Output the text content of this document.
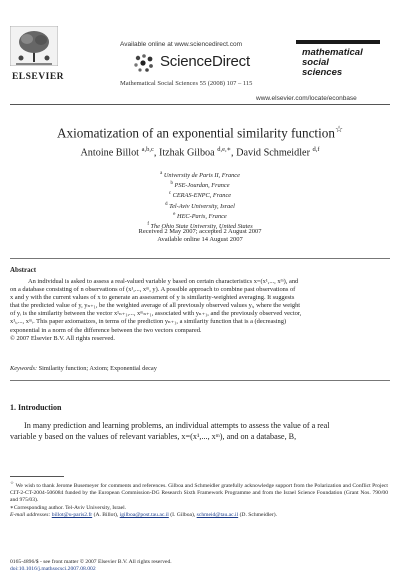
ELSEVIER
Available online at www.sciencedirect.com
ScienceDirect
Mathematical Social Sciences 55 (2008) 107 – 115
mathematical
social
sciences
www.elsevier.com/locate/econbase
Axiomatization of an exponential similarity function☆
Antoine Billot $^{a,b,c}$, Itzhak Gilboa $^{d,e,∗}$, David Schmeidler $^{d,f}$
$^a$ University de Paris II, France
$^b$ PSE-Jourdan, France
$^c$ CERAS-ENPC, France
$^d$ Tel-Aviv University, Israel
$^e$ HEC-Paris, France
$^f$ The Ohio State University, United States
Received 2 May 2007; accepted 2 August 2007
Available online 14 August 2007
Abstract
An individual is asked to assess a real-valued variable y based on certain characteristics x=(x¹,..., xᵐ), and
on a database consisting of n observations of (x¹,..., xᵐ, y). A possible approach to combine past observations of
x and y with the current values of x to generate an assessment of y is similarity-weighted averaging. It suggests
that the predicted value of y, yₙ₊₁, be the weighted average of all previously observed values yᵢ, where the weight
of yᵢ is the similarity between the vector x¹ₙ₊₁,..., xᵐₙ₊₁, associated with yₙ₊₁, and the previously observed vector,
x¹ᵢ,..., xᵐᵢ. This paper axiomatizes, in terms of the prediction yₙ₊₁, a similarity function that is a (decreasing)
exponential in a norm of the difference between the two vectors compared.
© 2007 Elsevier B.V. All rights reserved.
Keywords: Similarity function; Axiom; Exponential decay
1. Introduction
In many prediction and learning problems, an individual attempts to assess the value of a real
variable y based on the values of relevant variables, x=(x¹,..., xᵐ), and on a database, B,
☆ We wish to thank Jerome Busemeyer for comments and references. Gilboa and Schmeidler gratefully acknowledge support from the Polarization and Conflict Project CIT-2-CT-2004-506084 funded by the European Commission-DG Research Sixth Framework Programme and from the Israel Science Foundation (Grant Nos. 790/00 and 975/03).
∗Corresponding author. Tel-Aviv University, Israel.
E-mail addresses: billot@u-paris2.fr (A. Billot), igilboa@post.tau.ac.il (I. Gilboa), schmeid@tau.ac.il (D. Schmeidler).
0165-4896/$ - see front matter © 2007 Elsevier B.V. All rights reserved.
doi:10.1016/j.mathsocsci.2007.08.002
